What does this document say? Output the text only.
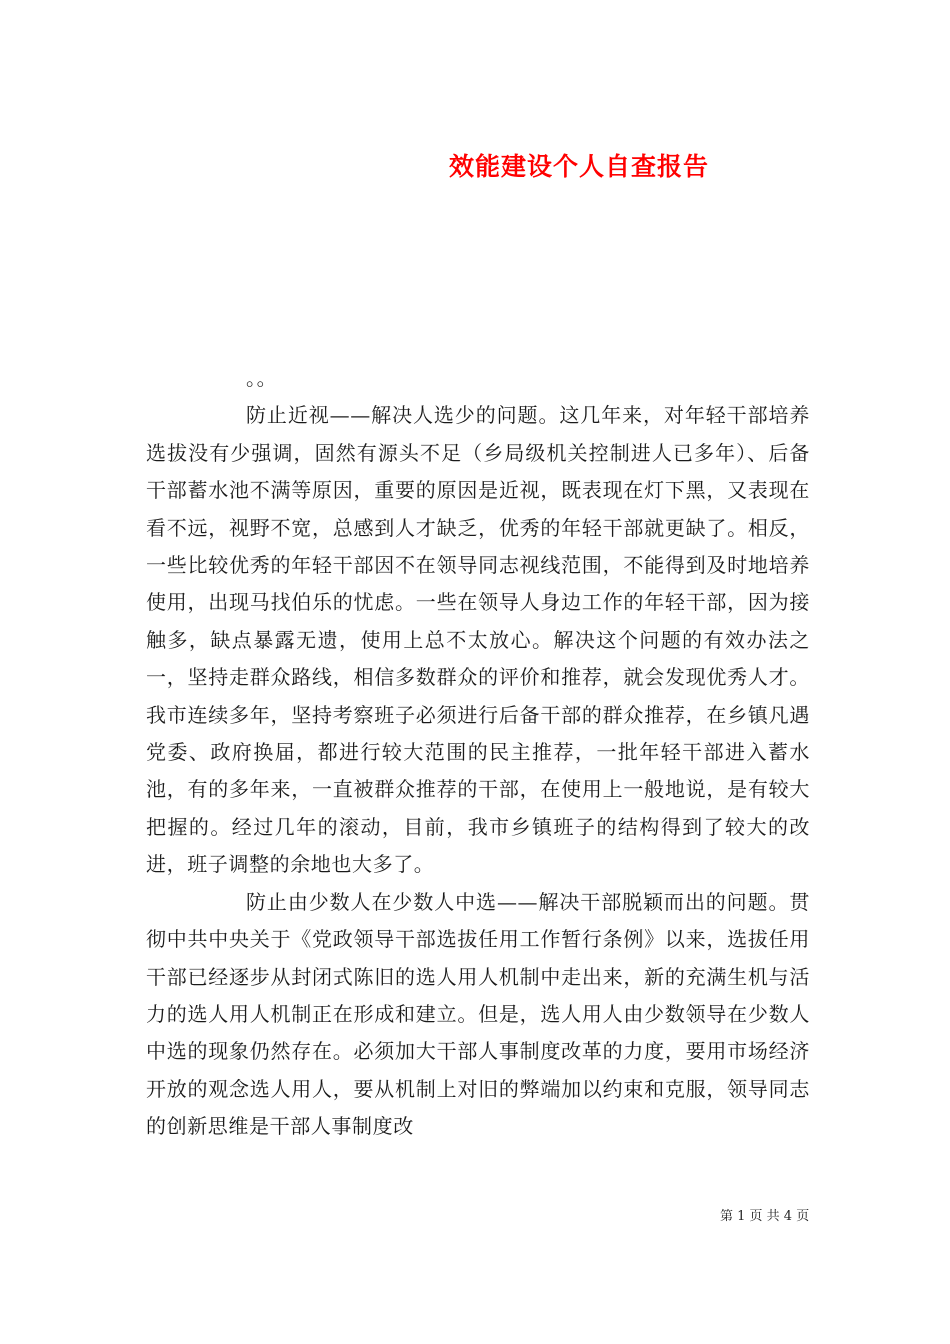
效能建设个人自查报告

。。

防止近视——解决人选少的问题。这几年来，对年轻干部培养选拔没有少强调，固然有源头不足（乡局级机关控制进人已多年）、后备干部蓄水池不满等原因，重要的原因是近视，既表现在灯下黑，又表现在看不远，视野不宽，总感到人才缺乏，优秀的年轻干部就更缺了。相反，一些比较优秀的年轻干部因不在领导同志视线范围，不能得到及时地培养使用，出现马找伯乐的忧虑。一些在领导人身边工作的年轻干部，因为接触多，缺点暴露无遗，使用上总不太放心。解决这个问题的有效办法之一，坚持走群众路线，相信多数群众的评价和推荐，就会发现优秀人才。我市连续多年，坚持考察班子必须进行后备干部的群众推荐，在乡镇凡遇党委、政府换届，都进行较大范围的民主推荐，一批年轻干部进入蓄水池，有的多年来，一直被群众推荐的干部，在使用上一般地说，是有较大把握的。经过几年的滚动，目前，我市乡镇班子的结构得到了较大的改进，班子调整的余地也大多了。

防止由少数人在少数人中选——解决干部脱颖而出的问题。贯彻中共中央关于《党政领导干部选拔任用工作暂行条例》以来，选拔任用干部已经逐步从封闭式陈旧的选人用人机制中走出来，新的充满生机与活力的选人用人机制正在形成和建立。但是，选人用人由少数领导在少数人中选的现象仍然存在。必须加大干部人事制度改革的力度，要用市场经济开放的观念选人用人，要从机制上对旧的弊端加以约束和克服，领导同志的创新思维是干部人事制度改

第 1 页 共 4 页
